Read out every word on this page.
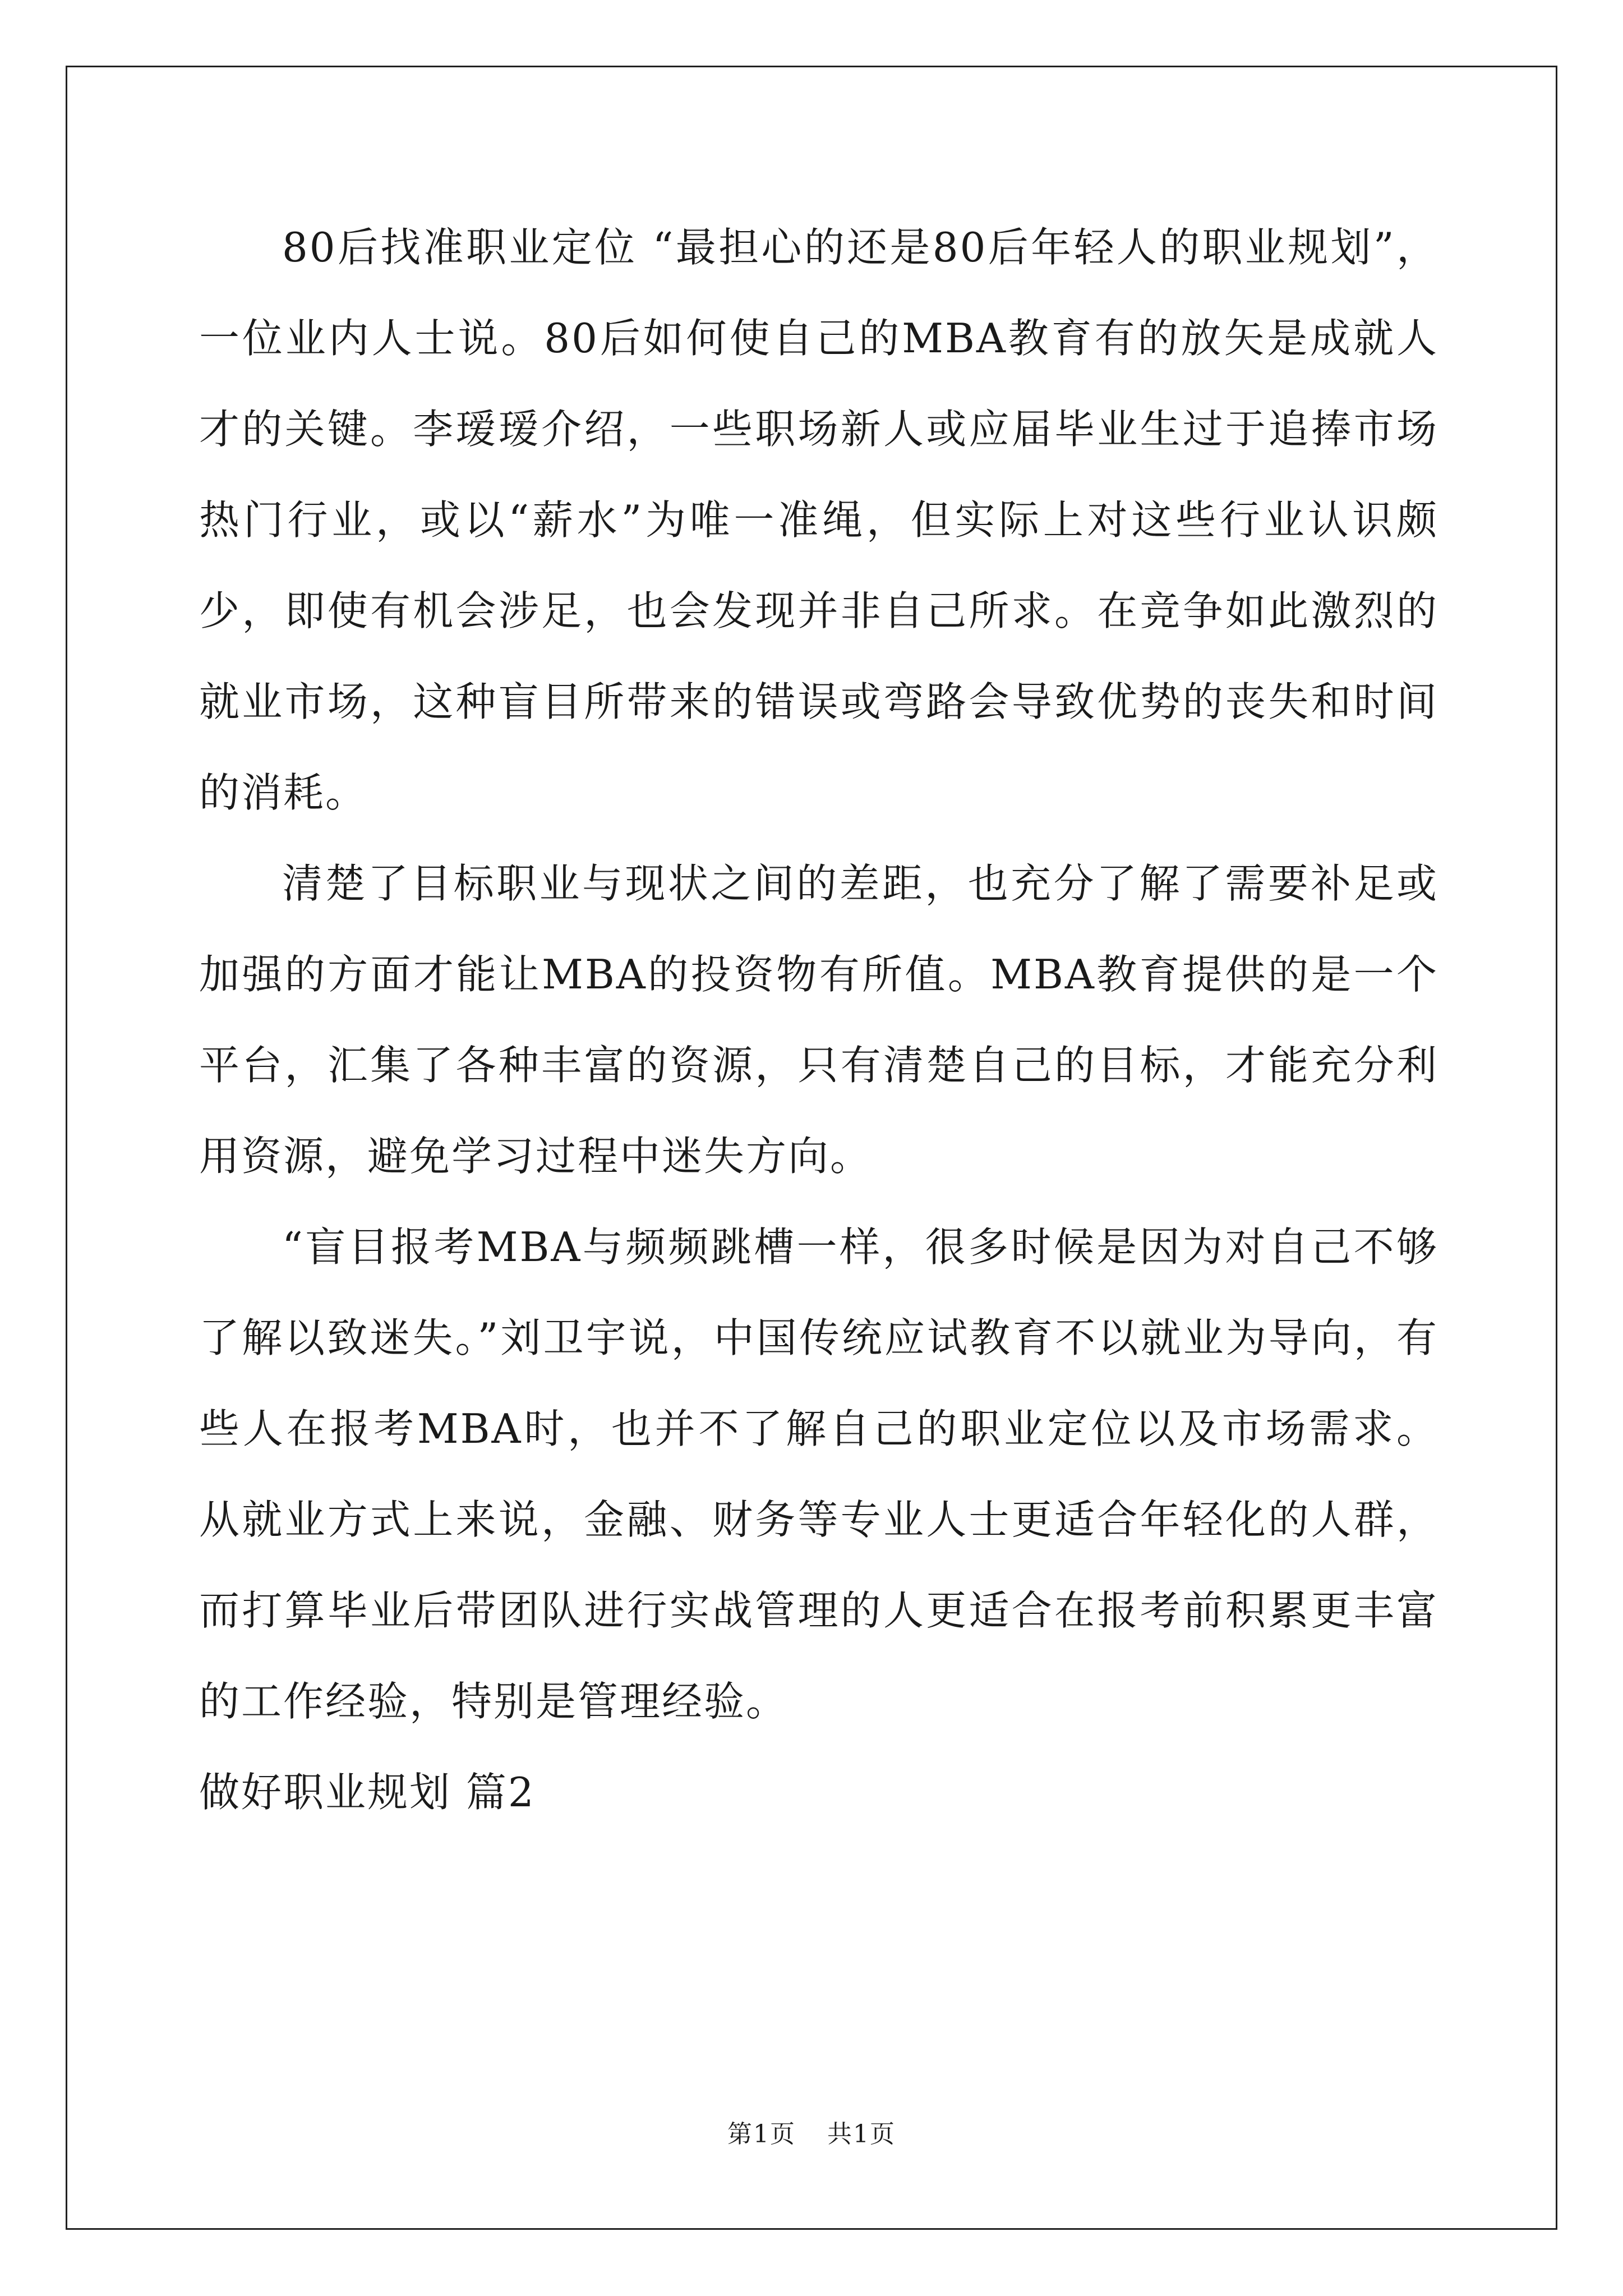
80后找准职业定位 “最担心的还是80后年轻人的职业规划”，一位业内人士说。80后如何使自己的MBA教育有的放矢是成就人才的关键。李瑷瑷介绍，一些职场新人或应届毕业生过于追捧市场热门行业，或以“薪水”为唯一准绳，但实际上对这些行业认识颇少，即使有机会涉足，也会发现并非自己所求。在竞争如此激烈的就业市场，这种盲目所带来的错误或弯路会导致优势的丧失和时间的消耗。

清楚了目标职业与现状之间的差距，也充分了解了需要补足或加强的方面才能让MBA的投资物有所值。MBA教育提供的是一个平台，汇集了各种丰富的资源，只有清楚自己的目标，才能充分利用资源，避免学习过程中迷失方向。

“盲目报考MBA与频频跳槽一样，很多时候是因为对自己不够了解以致迷失。”刘卫宇说，中国传统应试教育不以就业为导向，有些人在报考MBA时，也并不了解自己的职业定位以及市场需求。从就业方式上来说，金融、财务等专业人士更适合年轻化的人群，而打算毕业后带团队进行实战管理的人更适合在报考前积累更丰富的工作经验，特别是管理经验。

做好职业规划 篇2

第1页 共1页
